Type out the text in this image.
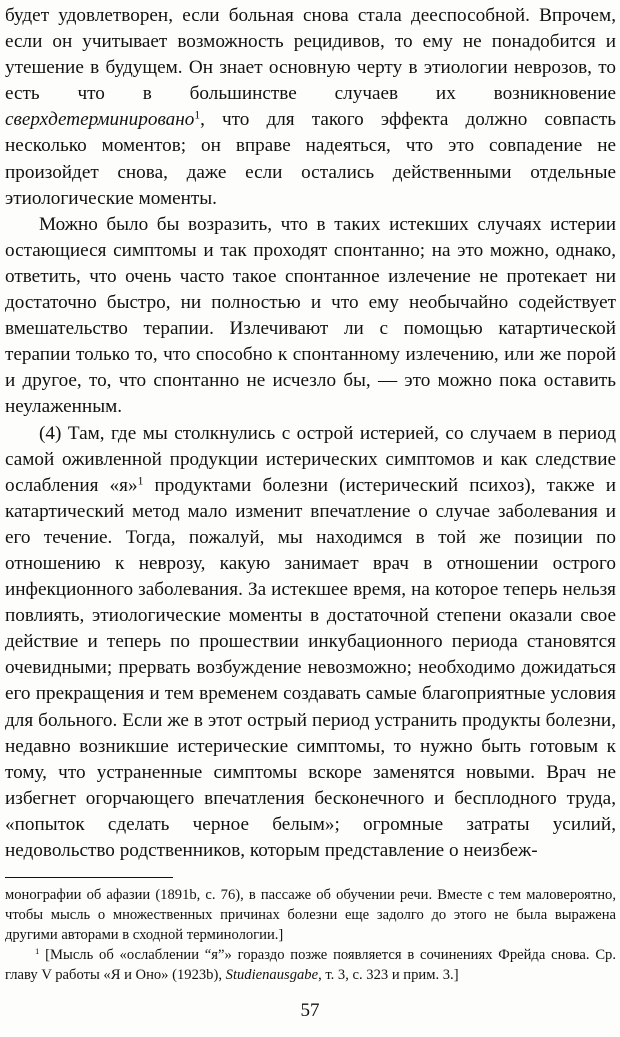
будет удовлетворен, если больная снова стала дееспособной. Впрочем, если он учитывает возможность рецидивов, то ему не понадобится и утешение в будущем. Он знает основную черту в этиологии неврозов, то есть что в большинстве случаев их возникновение сверхдетерминировано$^1$, что для такого эффекта должно совпасть несколько моментов; он вправе надеяться, что это совпадение не произойдет снова, даже если остались действенными отдельные этиологические моменты.

Можно было бы возразить, что в таких истекших случаях истерии остающиеся симптомы и так проходят спонтанно; на это можно, однако, ответить, что очень часто такое спонтанное излечение не протекает ни достаточно быстро, ни полностью и что ему необычайно содействует вмешательство терапии. Излечивают ли с помощью катартической терапии только то, что способно к спонтанному излечению, или же порой и другое, то, что спонтанно не исчезло бы, — это можно пока оставить неулаженным.

(4) Там, где мы столкнулись с острой истерией, со случаем в период самой оживленной продукции истерических симптомов и как следствие ослабления «я»$^1$ продуктами болезни (истерический психоз), также и катартический метод мало изменит впечатление о случае заболевания и его течение. Тогда, пожалуй, мы находимся в той же позиции по отношению к неврозу, какую занимает врач в отношении острого инфекционного заболевания. За истекшее время, на которое теперь нельзя повлиять, этиологические моменты в достаточной степени оказали свое действие и теперь по прошествии инкубационного периода становятся очевидными; прервать возбуждение невозможно; необходимо дожидаться его прекращения и тем временем создавать самые благоприятные условия для больного. Если же в этот острый период устранить продукты болезни, недавно возникшие истерические симптомы, то нужно быть готовым к тому, что устраненные симптомы вскоре заменятся новыми. Врач не избегнет огорчающего впечатления бесконечного и бесплодного труда, «попыток сделать черное белым»; огромные затраты усилий, недовольство родственников, которым представление о неизбеж-

монографии об афазии (1891b, с. 76), в пассаже об обучении речи. Вместе с тем маловероятно, чтобы мысль о множественных причинах болезни еще задолго до этого не была выражена другими авторами в сходной терминологии.]

$^1$ [Мысль об «ослаблении “я”» гораздо позже появляется в сочинениях Фрейда снова. Ср. главу V работы «Я и Оно» (1923b), Studienausgabe, т. 3, с. 323 и прим. 3.]

57
